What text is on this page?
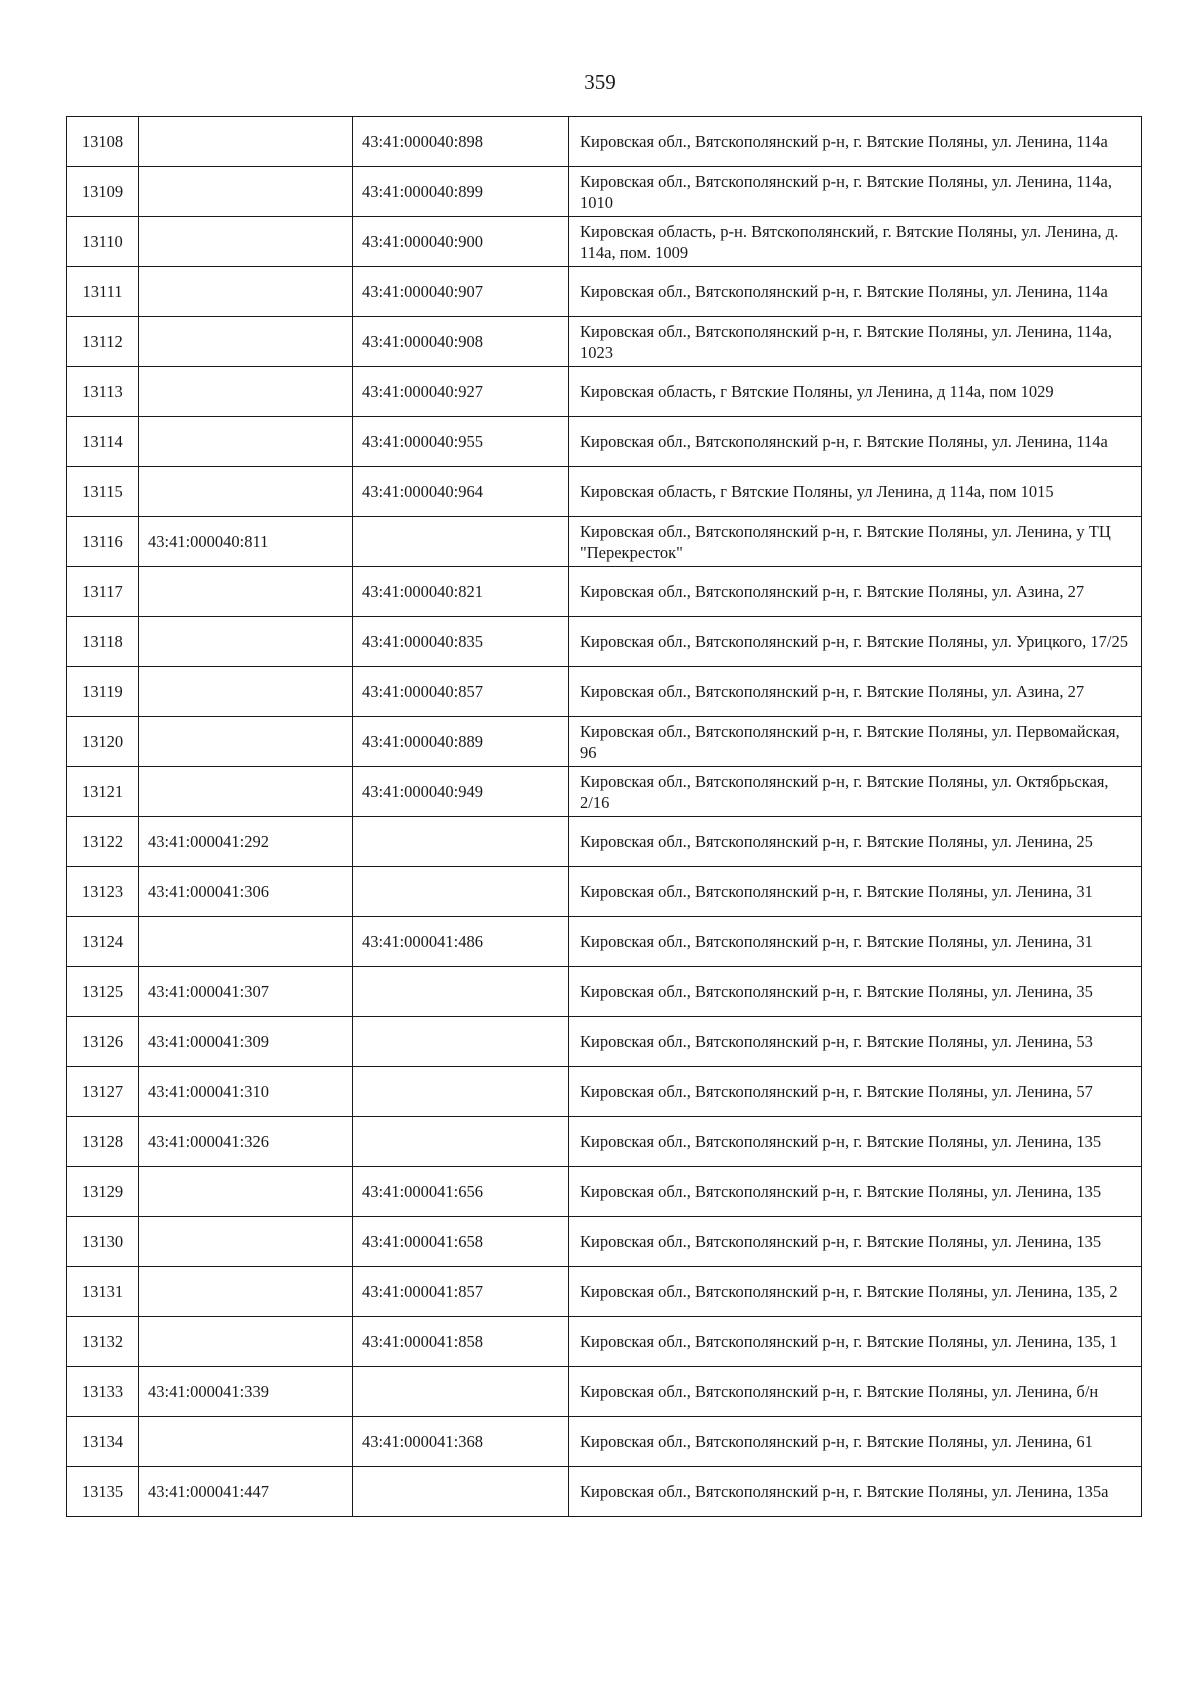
359
13108		43:41:000040:898	Кировская обл., Вятскополянский р-н, г. Вятские Поляны, ул. Ленина, 114а
13109		43:41:000040:899	Кировская обл., Вятскополянский р-н, г. Вятские Поляны, ул. Ленина, 114а, 1010
13110		43:41:000040:900	Кировская область, р-н. Вятскополянский, г. Вятские Поляны, ул. Ленина, д. 114а, пом. 1009
13111		43:41:000040:907	Кировская обл., Вятскополянский р-н, г. Вятские Поляны, ул. Ленина, 114а
13112		43:41:000040:908	Кировская обл., Вятскополянский р-н, г. Вятские Поляны, ул. Ленина, 114а, 1023
13113		43:41:000040:927	Кировская область, г Вятские Поляны, ул Ленина, д 114а, пом 1029
13114		43:41:000040:955	Кировская обл., Вятскополянский р-н, г. Вятские Поляны, ул. Ленина, 114а
13115		43:41:000040:964	Кировская область, г Вятские Поляны, ул Ленина, д 114а, пом 1015
13116	43:41:000040:811		Кировская обл., Вятскополянский р-н, г. Вятские Поляны, ул. Ленина, у ТЦ "Перекресток"
13117		43:41:000040:821	Кировская обл., Вятскополянский р-н, г. Вятские Поляны, ул. Азина, 27
13118		43:41:000040:835	Кировская обл., Вятскополянский р-н, г. Вятские Поляны, ул. Урицкого, 17/25
13119		43:41:000040:857	Кировская обл., Вятскополянский р-н, г. Вятские Поляны, ул. Азина, 27
13120		43:41:000040:889	Кировская обл., Вятскополянский р-н, г. Вятские Поляны, ул. Первомайская, 96
13121		43:41:000040:949	Кировская обл., Вятскополянский р-н, г. Вятские Поляны, ул. Октябрьская, 2/16
13122	43:41:000041:292		Кировская обл., Вятскополянский р-н, г. Вятские Поляны, ул. Ленина, 25
13123	43:41:000041:306		Кировская обл., Вятскополянский р-н, г. Вятские Поляны, ул. Ленина, 31
13124		43:41:000041:486	Кировская обл., Вятскополянский р-н, г. Вятские Поляны, ул. Ленина, 31
13125	43:41:000041:307		Кировская обл., Вятскополянский р-н, г. Вятские Поляны, ул. Ленина, 35
13126	43:41:000041:309		Кировская обл., Вятскополянский р-н, г. Вятские Поляны, ул. Ленина, 53
13127	43:41:000041:310		Кировская обл., Вятскополянский р-н, г. Вятские Поляны, ул. Ленина, 57
13128	43:41:000041:326		Кировская обл., Вятскополянский р-н, г. Вятские Поляны, ул. Ленина, 135
13129		43:41:000041:656	Кировская обл., Вятскополянский р-н, г. Вятские Поляны, ул. Ленина, 135
13130		43:41:000041:658	Кировская обл., Вятскополянский р-н, г. Вятские Поляны, ул. Ленина, 135
13131		43:41:000041:857	Кировская обл., Вятскополянский р-н, г. Вятские Поляны, ул. Ленина, 135, 2
13132		43:41:000041:858	Кировская обл., Вятскополянский р-н, г. Вятские Поляны, ул. Ленина, 135, 1
13133	43:41:000041:339		Кировская обл., Вятскополянский р-н, г. Вятские Поляны, ул. Ленина, б/н
13134		43:41:000041:368	Кировская обл., Вятскополянский р-н, г. Вятские Поляны, ул. Ленина, 61
13135	43:41:000041:447		Кировская обл., Вятскополянский р-н, г. Вятские Поляны, ул. Ленина, 135а
